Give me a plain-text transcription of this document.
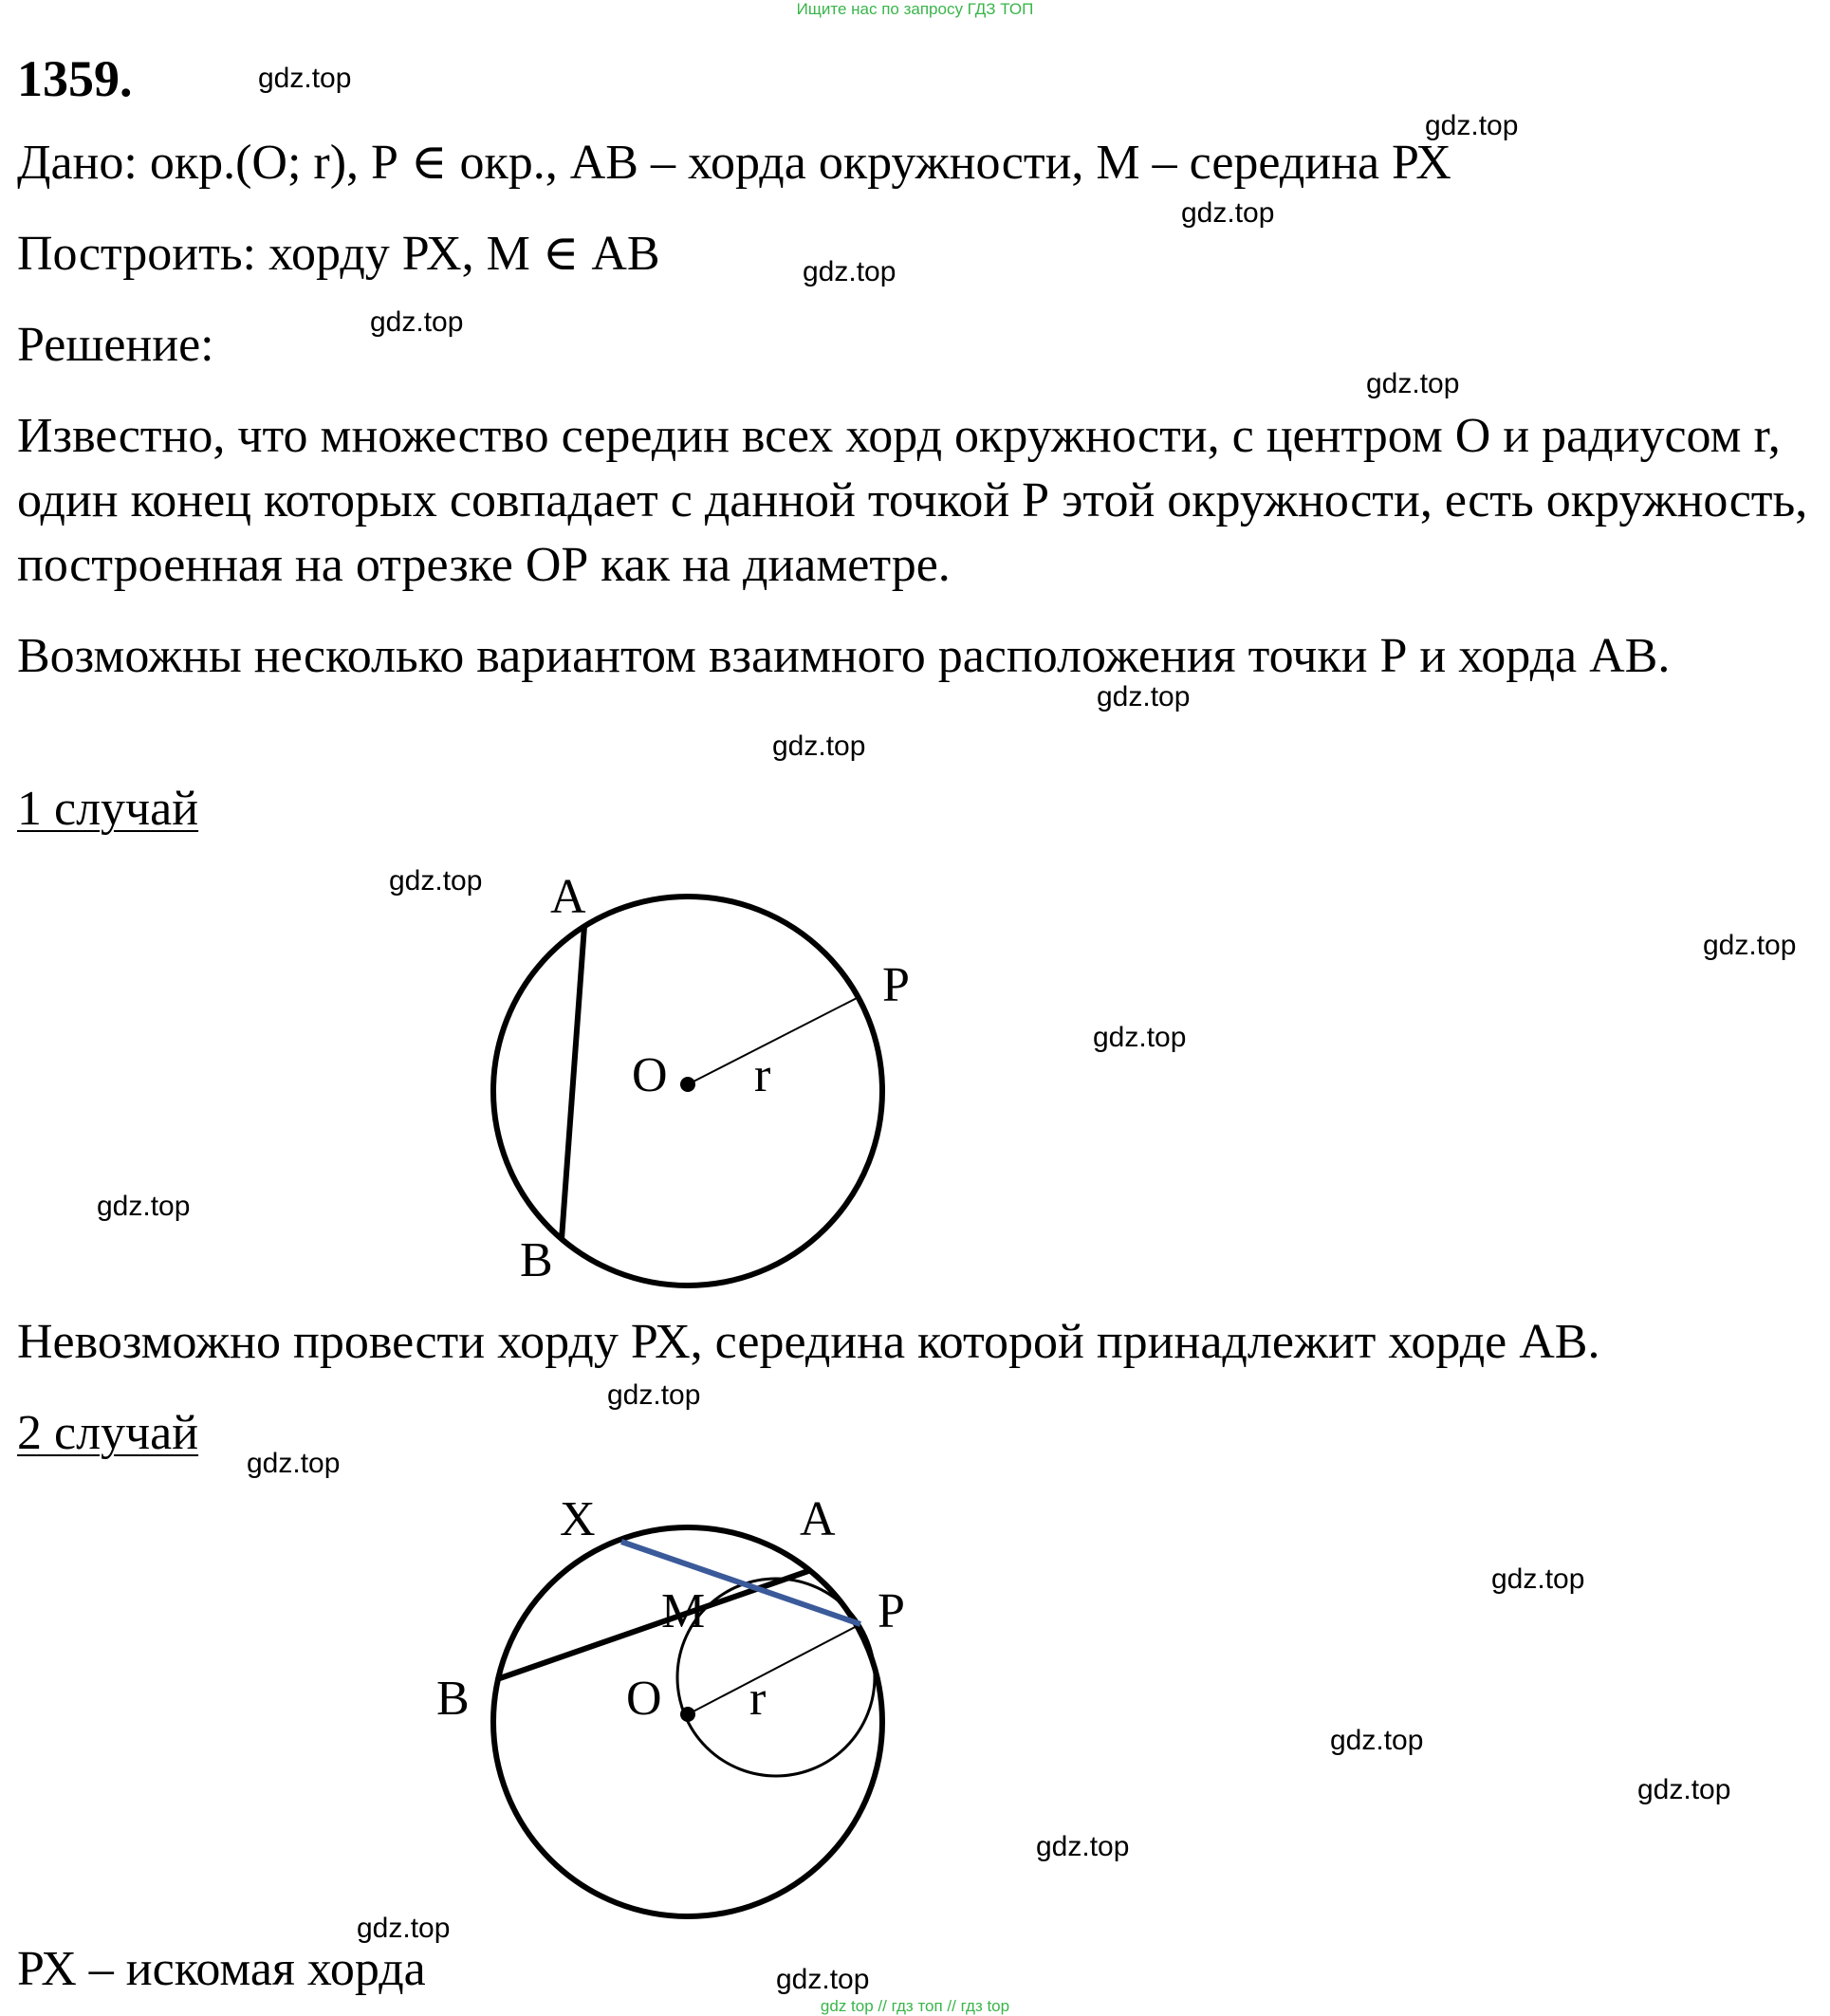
Ищите нас по запросу ГДЗ ТОП
gdz top // гдз топ // гдз top
1359.
Дано: окр.(О; r), Р ∈ окр., АВ – хорда окружности, М – середина РХ
Построить: хорду РХ, М ∈ АВ
Решение:
Известно, что множество середин всех хорд окружности, с центром О и радиусом r, один конец которых совпадает с данной точкой Р этой окружности, есть окружность, построенная на отрезке ОР как на диаметре.
Возможны несколько вариантом взаимного расположения точки Р и хорда АВ.
1 случай
А
Р
О r
В
Невозможно провести хорду РХ, середина которой принадлежит хорде АВ.
2 случай
Х	А
М	Р
В	О r
РХ – искомая хорда
gdz.top
gdz.top
gdz.top
gdz.top
gdz.top
gdz.top
gdz.top
gdz.top
gdz.top
gdz.top
gdz.top
gdz.top
gdz.top
gdz.top
gdz.top
gdz.top
gdz.top
gdz.top
gdz.top
gdz.top
